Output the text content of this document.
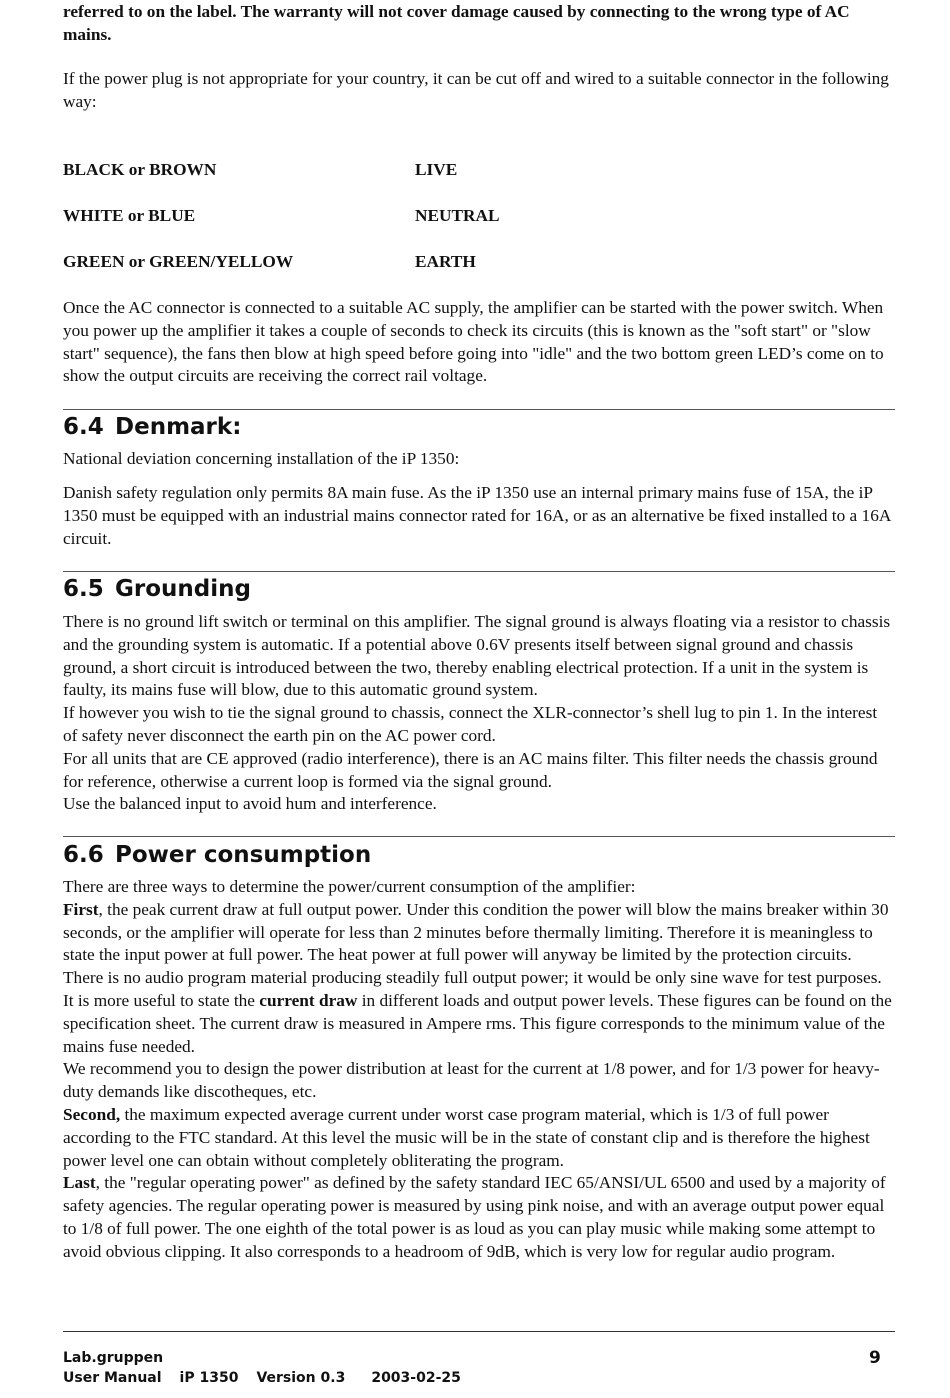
referred to on the label. The warranty will not cover damage caused by connecting to the wrong type of AC mains.

If the power plug is not appropriate for your country, it can be cut off and wired to a suitable connector in the following way:

BLACK or BROWN	LIVE
WHITE or BLUE	NEUTRAL
GREEN or GREEN/YELLOW	EARTH

Once the AC connector is connected to a suitable AC supply, the amplifier can be started with the power switch. When you power up the amplifier it takes a couple of seconds to check its circuits (this is known as the "soft start" or "slow start" sequence), the fans then blow at high speed before going into "idle" and the two bottom green LED’s come on to show the output circuits are receiving the correct rail voltage.

6.4 Denmark:

National deviation concerning installation of the iP 1350:

Danish safety regulation only permits 8A main fuse. As the iP 1350 use an internal primary mains fuse of 15A, the iP 1350 must be equipped with an industrial mains connector rated for 16A, or as an alternative be fixed installed to a 16A circuit.

6.5 Grounding

There is no ground lift switch or terminal on this amplifier. The signal ground is always floating via a resistor to chassis and the grounding system is automatic. If a potential above 0.6V presents itself between signal ground and chassis ground, a short circuit is introduced between the two, thereby enabling electrical protection. If a unit in the system is faulty, its mains fuse will blow, due to this automatic ground system.

If however you wish to tie the signal ground to chassis, connect the XLR-connector’s shell lug to pin 1. In the interest of safety never disconnect the earth pin on the AC power cord.

For all units that are CE approved (radio interference), there is an AC mains filter. This filter needs the chassis ground for reference, otherwise a current loop is formed via the signal ground.

Use the balanced input to avoid hum and interference.

6.6 Power consumption

There are three ways to determine the power/current consumption of the amplifier:

First, the peak current draw at full output power. Under this condition the power will blow the mains breaker within 30 seconds, or the amplifier will operate for less than 2 minutes before thermally limiting. Therefore it is meaningless to state the input power at full power. The heat power at full power will anyway be limited by the protection circuits. There is no audio program material producing steadily full output power; it would be only sine wave for test purposes.

It is more useful to state the current draw in different loads and output power levels. These figures can be found on the specification sheet. The current draw is measured in Ampere rms. This figure corresponds to the minimum value of the mains fuse needed.

We recommend you to design the power distribution at least for the current at 1/8 power, and for 1/3 power for heavy-duty demands like discotheques, etc.

Second, the maximum expected average current under worst case program material, which is 1/3 of full power according to the FTC standard. At this level the music will be in the state of constant clip and is therefore the highest power level one can obtain without completely obliterating the program.

Last, the "regular operating power" as defined by the safety standard IEC 65/ANSI/UL 6500 and used by a majority of safety agencies. The regular operating power is measured by using pink noise, and with an average output power equal to 1/8 of full power. The one eighth of the total power is as loud as you can play music while making some attempt to avoid obvious clipping. It also corresponds to a headroom of 9dB, which is very low for regular audio program.

Lab.gruppen	9
User Manual iP 1350 Version 0.3 2003-02-25
